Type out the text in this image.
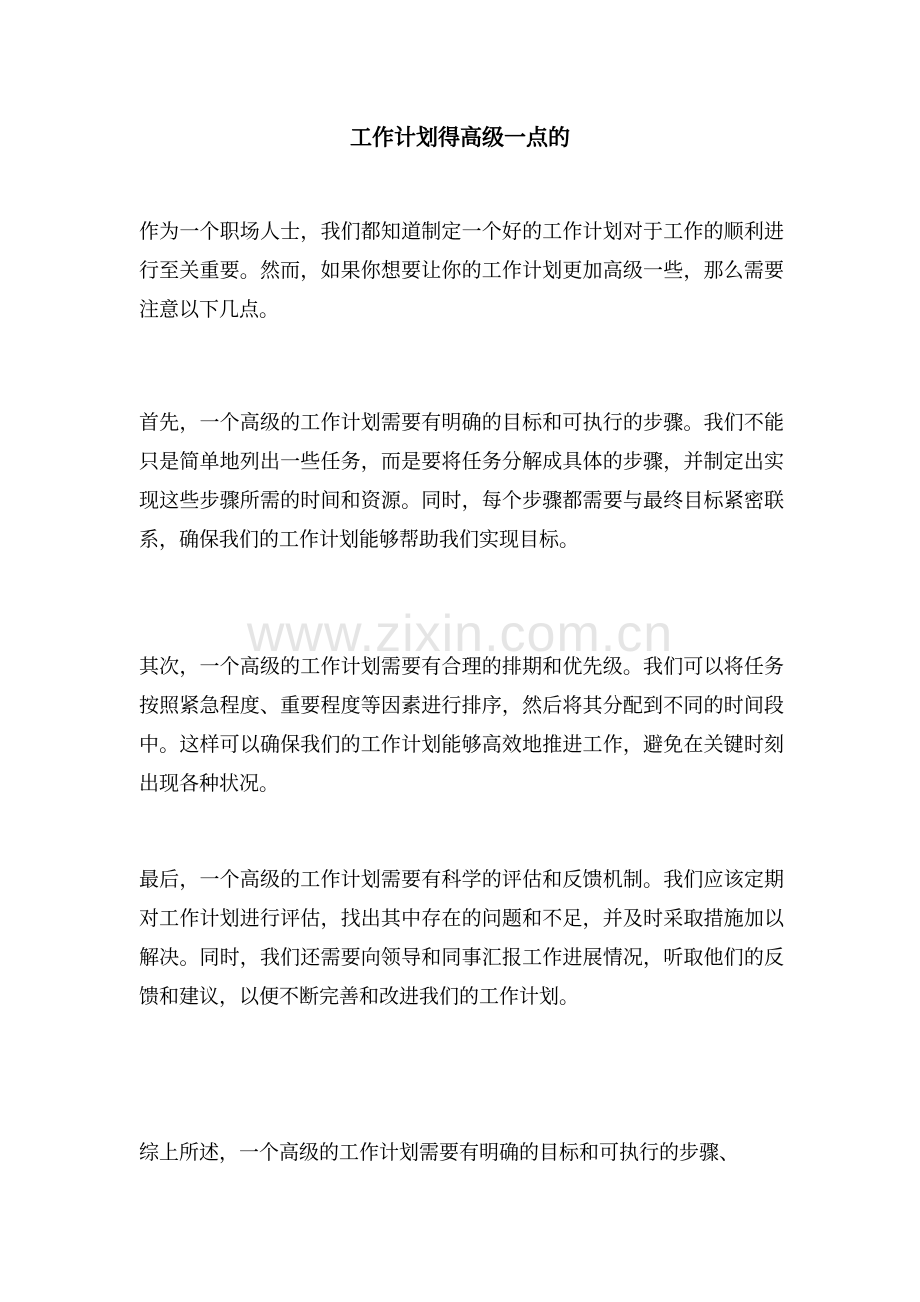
工作计划得高级一点的

作为一个职场人士，我们都知道制定一个好的工作计划对于工作的顺利进行至关重要。然而，如果你想要让你的工作计划更加高级一些，那么需要注意以下几点。

首先，一个高级的工作计划需要有明确的目标和可执行的步骤。我们不能只是简单地列出一些任务，而是要将任务分解成具体的步骤，并制定出实现这些步骤所需的时间和资源。同时，每个步骤都需要与最终目标紧密联系，确保我们的工作计划能够帮助我们实现目标。

其次，一个高级的工作计划需要有合理的排期和优先级。我们可以将任务按照紧急程度、重要程度等因素进行排序，然后将其分配到不同的时间段中。这样可以确保我们的工作计划能够高效地推进工作，避免在关键时刻出现各种状况。

最后，一个高级的工作计划需要有科学的评估和反馈机制。我们应该定期对工作计划进行评估，找出其中存在的问题和不足，并及时采取措施加以解决。同时，我们还需要向领导和同事汇报工作进展情况，听取他们的反馈和建议，以便不断完善和改进我们的工作计划。

综上所述，一个高级的工作计划需要有明确的目标和可执行的步骤、

www.zixin.com.cn
